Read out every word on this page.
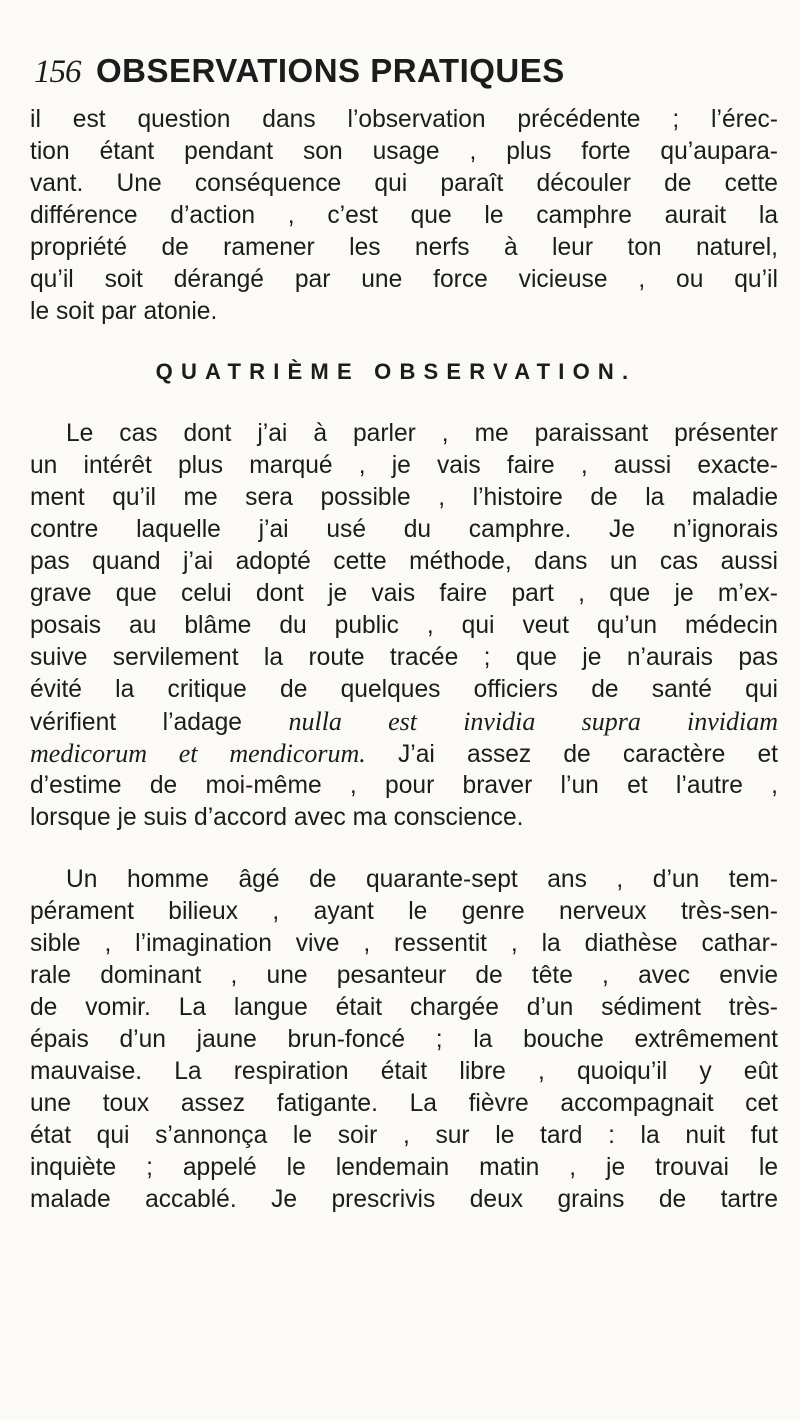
156 OBSERVATIONS PRATIQUES
il est question dans l’observation précédente ; l’érec-
tion étant pendant son usage , plus forte qu’aupara-
vant. Une conséquence qui paraît découler de cette
différence d’action , c’est que le camphre aurait la
propriété de ramener les nerfs à leur ton naturel,
qu’il soit dérangé par une force vicieuse , ou qu’il
le soit par atonie.
QUATRIÈME OBSERVATION.
Le cas dont j’ai à parler , me paraissant présenter
un intérêt plus marqué , je vais faire , aussi exacte-
ment qu’il me sera possible , l’histoire de la maladie
contre laquelle j’ai usé du camphre. Je n’ignorais
pas quand j’ai adopté cette méthode, dans un cas aussi
grave que celui dont je vais faire part , que je m’ex-
posais au blâme du public , qui veut qu’un médecin
suive servilement la route tracée ; que je n’aurais pas
évité la critique de quelques officiers de santé qui
vérifient l’adage nulla est invidia supra invidiam
medicorum et mendicorum. J’ai assez de caractère et
d’estime de moi-même , pour braver l’un et l’autre ,
lorsque je suis d’accord avec ma conscience.
Un homme âgé de quarante-sept ans , d’un tem-
pérament bilieux , ayant le genre nerveux très-sen-
sible , l’imagination vive , ressentit , la diathèse cathar-
rale dominant , une pesanteur de tête , avec envie
de vomir. La langue était chargée d’un sédiment très-
épais d’un jaune brun-foncé ; la bouche extrêmement
mauvaise. La respiration était libre , quoiqu’il y eût
une toux assez fatigante. La fièvre accompagnait cet
état qui s’annonça le soir , sur le tard : la nuit fut
inquiète ; appelé le lendemain matin , je trouvai le
malade accablé. Je prescrivis deux grains de tartre
